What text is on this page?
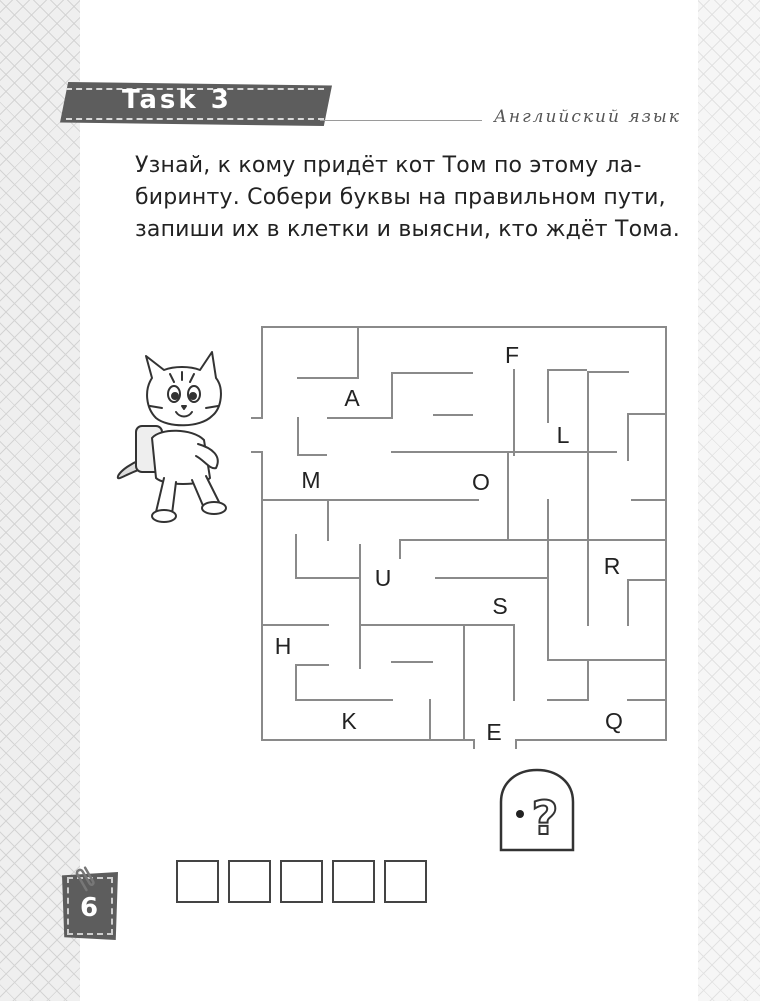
Task 3
Английский язык
Узнай, к кому придёт кот Том по этому ла-
биринту. Собери буквы на правильном пути,
запиши их в клетки и выясни, кто ждёт Тома.
F
A
L
M	O
U	R
S
H
K	Q
E
?
6
